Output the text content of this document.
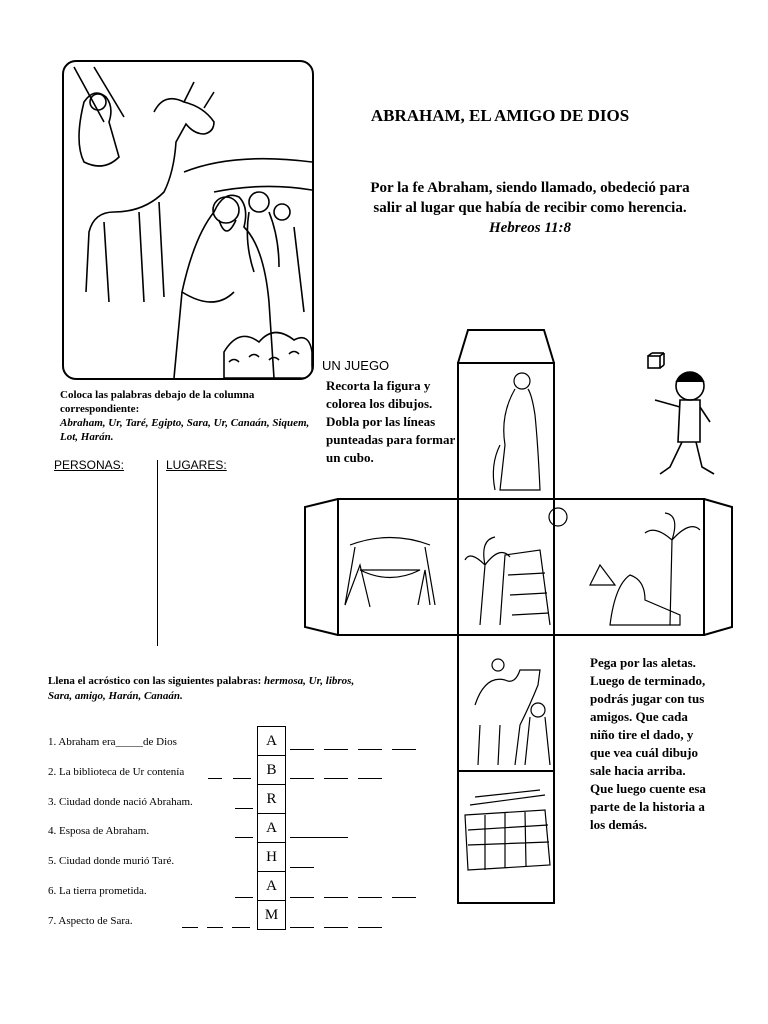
ABRAHAM, EL AMIGO DE DIOS
Por la fe Abraham, siendo llamado, obedeció para salir al lugar que había de recibir como herencia.
Hebreos 11:8
Coloca las palabras debajo de la columna correspondiente:
Abraham, Ur, Taré, Egipto, Sara, Ur, Canaán, Siquem, Lot, Harán.
PERSONAS:	LUGARES:
UN JUEGO
Recorta la figura y colorea los dibujos. Dobla por las líneas punteadas para formar un cubo.
Pega por las aletas. Luego de terminado, podrás jugar con tus amigos. Que cada niño tire el dado, y que vea cuál dibujo sale hacia arriba. Que luego cuente esa parte de la historia a los demás.
Llena el acróstico con las siguientes palabras: hermosa, Ur, libros, Sara, amigo, Harán, Canaán.
A
B
R
A
H
A
M
1. Abraham era_____de Dios
2. La biblioteca de Ur contenía
3. Ciudad donde nació Abraham.
4. Esposa de Abraham.
5. Ciudad donde murió Taré.
6. La tierra prometida.
7. Aspecto de Sara.
